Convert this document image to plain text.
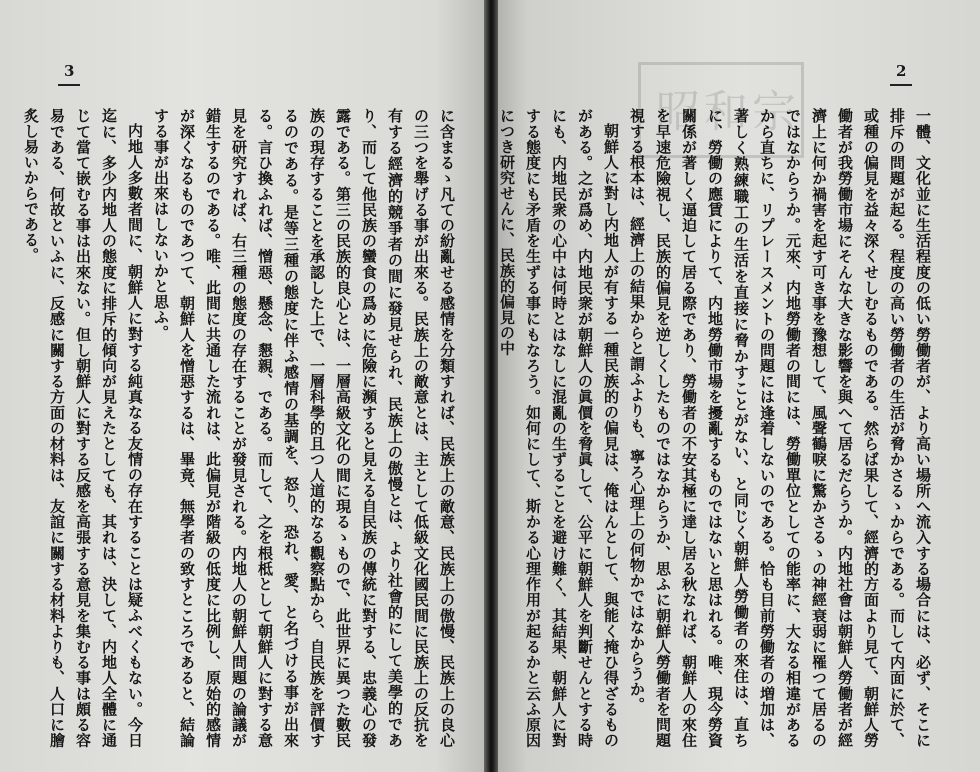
3

に含まるゝ凡ての紛亂せる感情を分類すれば、民族上の敵意、民族上の傲慢、民族上の良心の三つを舉げる事が出來る。民族上の敵意とは、主として低級文化國民間に民族上の反抗を有する經濟的競爭者の間に發見せられ、民族上の傲慢とは、より社會的にして美學的であり、而して他民族の蠻食の爲めに危險に瀕すると見える自民族の傳統に對する、忠義心の發露である。第三の民族的良心とは、一層高級文化の間に現るゝもので、此世界に異つた數民族の現存することを承認した上で、一層科學的且つ人道的なる觀察點から、自民族を評價するのである。是等三種の態度に伴ふ感情の基調を、怒り、恐れ、愛、と名づける事が出來る。言ひ換ふれば、憎惡、懸念、懇親、である。而して、之を根柢として朝鮮人に對する意見を研究すれば、右三種の態度の存在することが發見される。内地人の朝鮮人問題の論議が錯生するのである。唯、此間に共通した流れは、此偏見が階級の低度に比例し、原始的感情が深くなるものであつて、朝鮮人を憎惡するは、畢竟、無學者の致すところであると、結論する事が出來はしないかと思ふ。

内地人多數者間に、朝鮮人に對する純真なる友情の存在することは疑ふべくもない。今日迄に、多少内地人の態度に排斥的傾向が見えたとしても、其れは、決して、内地人全體に通じて當て嵌むる事は出來ない。但し朝鮮人に對する反感を高張する意見を集むる事は頗る容易である、何故といふに、反感に關する方面の材料は、友誼に關する材料よりも、人口に膾炙し易いからである。	昭
和
宗
2

一體、文化並に生活程度の低い勞働者が、より高い場所へ流入する場合には、必ず、そこに排斥の問題が起る。程度の高い勞働者の生活が脅かさるゝからである。而して内面に於て、或種の偏見を益々深くせしむるものである。然らば果して、經濟的方面より見て、朝鮮人勞働者が我勞働市場にそんな大きな影響を與へて居るだらうか。内地社會は朝鮮人勞働者が經濟上に何か禍害を起す可き事を豫想して、風聲鶴唳に驚かさるゝの神經衰弱に罹つて居るのではなからうか。元來、内地勞働者の間には、勞働單位としての能率に、大なる相違があるから直ちに、リプレースメントの問題には逢着しないのである。恰も目前勞働者の増加は、著しく熟練職工の生活を直接に脅かすことがない、と同じく朝鮮人勞働者の來住は、直ちに、勞働の應賃によりて、内地勞働市場を擾亂するものではないと思はれる。唯、現今勞資關係が著しく逼迫して居る際であり、勞働者の不安其極に達し居る秋なれば、朝鮮人の來住を早速危險視し、民族的偏見を逆しくしたものではなからうか、思ふに朝鮮人勞働者を問題視する根本は、經濟上の結果からと謂ふよりも、寧ろ心理上の何物かではなからうか。

朝鮮人に對し内地人が有する一種民族的の偏見は、俺はんとして、與能く掩ひ得ざるものがある。之が爲め、内地民衆が朝鮮人の眞價を脅眞して、公平に朝鮮人を判斷せんとする時にも、内地民衆の心中は何時とはなしに混亂の生ずることを避け難く、其結果、朝鮮人に對する態度にも矛盾を生ずる事にもなろう。如何にして、斯かる心理作用が起るかと云ふ原因につき研究せんに、民族的偏見の中
